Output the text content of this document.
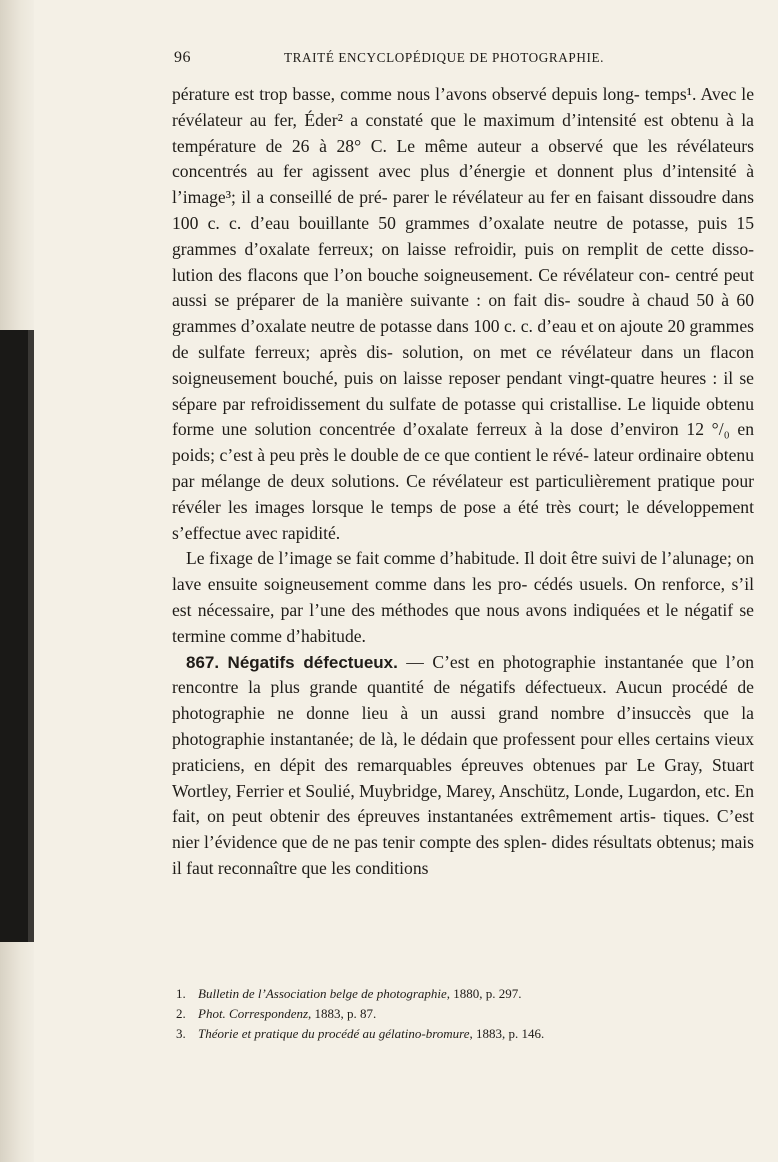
96	TRAITÉ ENCYCLOPÉDIQUE DE PHOTOGRAPHIE.

pérature est trop basse, comme nous l’avons observé depuis long- temps¹. Avec le révélateur au fer, Éder² a constaté que le maximum d’intensité est obtenu à la température de 26 à 28° C. Le même auteur a observé que les révélateurs concentrés au fer agissent avec plus d’énergie et donnent plus d’intensité à l’image³; il a conseillé de pré- parer le révélateur au fer en faisant dissoudre dans 100 c. c. d’eau bouillante 50 grammes d’oxalate neutre de potasse, puis 15 grammes d’oxalate ferreux; on laisse refroidir, puis on remplit de cette disso- lution des flacons que l’on bouche soigneusement. Ce révélateur con- centré peut aussi se préparer de la manière suivante : on fait dis- soudre à chaud 50 à 60 grammes d’oxalate neutre de potasse dans 100 c. c. d’eau et on ajoute 20 grammes de sulfate ferreux; après dis- solution, on met ce révélateur dans un flacon soigneusement bouché, puis on laisse reposer pendant vingt-quatre heures : il se sépare par refroidissement du sulfate de potasse qui cristallise. Le liquide obtenu forme une solution concentrée d’oxalate ferreux à la dose d’environ 12 °/₀ en poids; c’est à peu près le double de ce que contient le révé- lateur ordinaire obtenu par mélange de deux solutions. Ce révélateur est particulièrement pratique pour révéler les images lorsque le temps de pose a été très court; le développement s’effectue avec rapidité.

Le fixage de l’image se fait comme d’habitude. Il doit être suivi de l’alunage; on lave ensuite soigneusement comme dans les pro- cédés usuels. On renforce, s’il est nécessaire, par l’une des méthodes que nous avons indiquées et le négatif se termine comme d’habitude.

867. Négatifs défectueux. — C’est en photographie instantanée que l’on rencontre la plus grande quantité de négatifs défectueux. Aucun procédé de photographie ne donne lieu à un aussi grand nombre d’insuccès que la photographie instantanée; de là, le dédain que professent pour elles certains vieux praticiens, en dépit des remarquables épreuves obtenues par Le Gray, Stuart Wortley, Ferrier et Soulié, Muybridge, Marey, Anschütz, Londe, Lugardon, etc. En fait, on peut obtenir des épreuves instantanées extrêmement artis- tiques. C’est nier l’évidence que de ne pas tenir compte des splen- dides résultats obtenus; mais il faut reconnaître que les conditions

1. Bulletin de l’Association belge de photographie, 1880, p. 297.
2. Phot. Correspondenz, 1883, p. 87.
3. Théorie et pratique du procédé au gélatino-bromure, 1883, p. 146.
